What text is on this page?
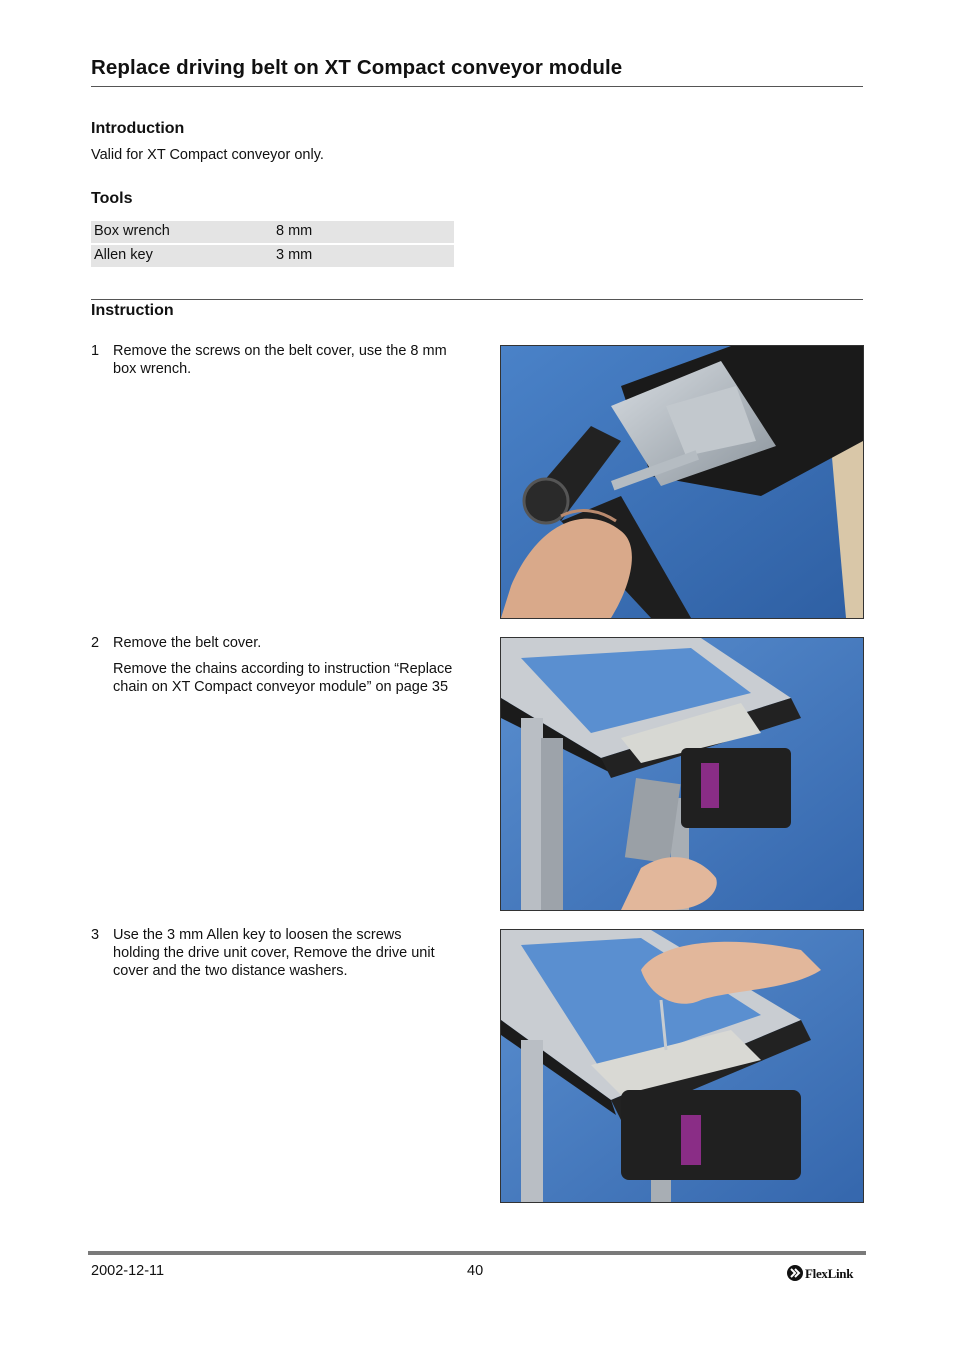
Replace driving belt on XT Compact conveyor module
Introduction
Valid for XT Compact conveyor only.
Tools
Box wrench	8 mm
Allen key	3 mm
Instruction
1 Remove the screws on the belt cover, use the 8 mm box wrench.
2 Remove the belt cover.
Remove the chains according to instruction “Replace chain on XT Compact conveyor module” on page 35
3 Use the 3 mm Allen key to loosen the screws holding the drive unit cover, Remove the drive unit cover and the two distance washers.
2002-12-11	40	FlexLink
